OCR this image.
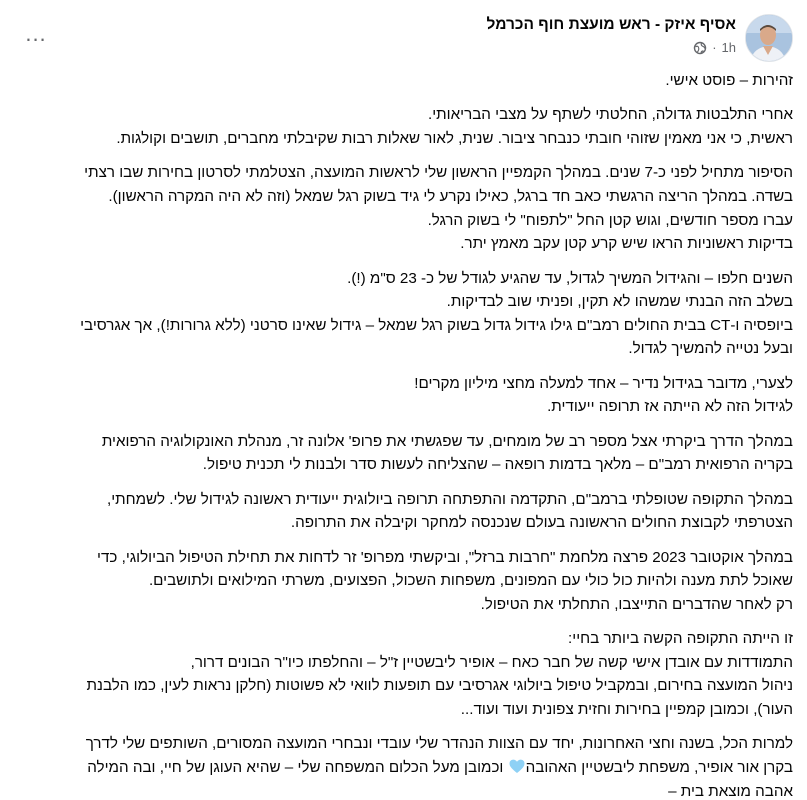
אסיף איזק - ראש מועצת חוף הכרמל
1h
·
...

זהירות – פוסט אישי.

אחרי התלבטות גדולה, החלטתי לשתף על מצבי הבריאותי.

ראשית, כי אני מאמין שזוהי חובתי כנבחר ציבור. שנית, לאור שאלות רבות שקיבלתי מחברים, תושבים וקולגות.

הסיפור מתחיל לפני כ-7 שנים. במהלך הקמפיין הראשון שלי לראשות המועצה, הצטלמתי לסרטון בחירות שבו רצתי

בשדה. במהלך הריצה הרגשתי כאב חד ברגל, כאילו נקרע לי גיד בשוק רגל שמאל (וזה לא היה המקרה הראשון).

עברו מספר חודשים, וגוש קטן החל "לתפוח" לי בשוק הרגל.

בדיקות ראשוניות הראו שיש קרע קטן עקב מאמץ יתר.

השנים חלפו – והגידול המשיך לגדול, עד שהגיע לגודל של כ- 23 ס"מ (!).

בשלב הזה הבנתי שמשהו לא תקין, ופניתי שוב לבדיקות.

ביופסיה ו-CT בבית החולים רמב"ם גילו גידול גדול בשוק רגל שמאל – גידול שאינו סרטני (ללא גרורות!), אך אגרסיבי

ובעל נטייה להמשיך לגדול.

לצערי, מדובר בגידול נדיר – אחד למעלה מחצי מיליון מקרים!

לגידול הזה לא הייתה אז תרופה ייעודית.

במהלך הדרך ביקרתי אצל מספר רב של מומחים, עד שפגשתי את פרופ' אלונה זר, מנהלת האונקולוגיה הרפואית

בקריה הרפואית רמב"ם – מלאך בדמות רופאה – שהצליחה לעשות סדר ולבנות לי תכנית טיפול.

במהלך התקופה שטופלתי ברמב"ם, התקדמה והתפתחה תרופה ביולוגית ייעודית ראשונה לגידול שלי. לשמחתי,

הצטרפתי לקבוצת החולים הראשונה בעולם שנכנסה למחקר וקיבלה את התרופה.

במהלך אוקטובר 2023 פרצה מלחמת "חרבות ברזל", וביקשתי מפרופ' זר לדחות את תחילת הטיפול הביולוגי, כדי

שאוכל לתת מענה ולהיות כול כולי עם המפונים, משפחות השכול, הפצועים, משרתי המילואים ולתושבים.

רק לאחר שהדברים התייצבו, התחלתי את הטיפול.

זו הייתה התקופה הקשה ביותר בחיי:

התמודדות עם אובדן אישי קשה של חבר כאח – אופיר ליבשטיין ז"ל – והחלפתו כיו"ר הבונים דרור,

ניהול המועצה בחירום, ובמקביל טיפול ביולוגי אגרסיבי עם תופעות לוואי לא פשוטות (חלקן נראות לעין, כמו הלבנת

העור), וכמובן קמפיין בחירות וחזית צפונית ועוד ועוד...

למרות הכל, בשנה וחצי האחרונות, יחד עם הצוות הנהדר שלי עובדי ונבחרי המועצה המסורים, השותפים שלי לדרך

בקרן אור אופיר, משפחת ליבשטיין האהובה וכמובן מעל הכלום המשפחה שלי – שהיא העוגן של חיי, ובה המילה

אהבה מוצאת בית –
